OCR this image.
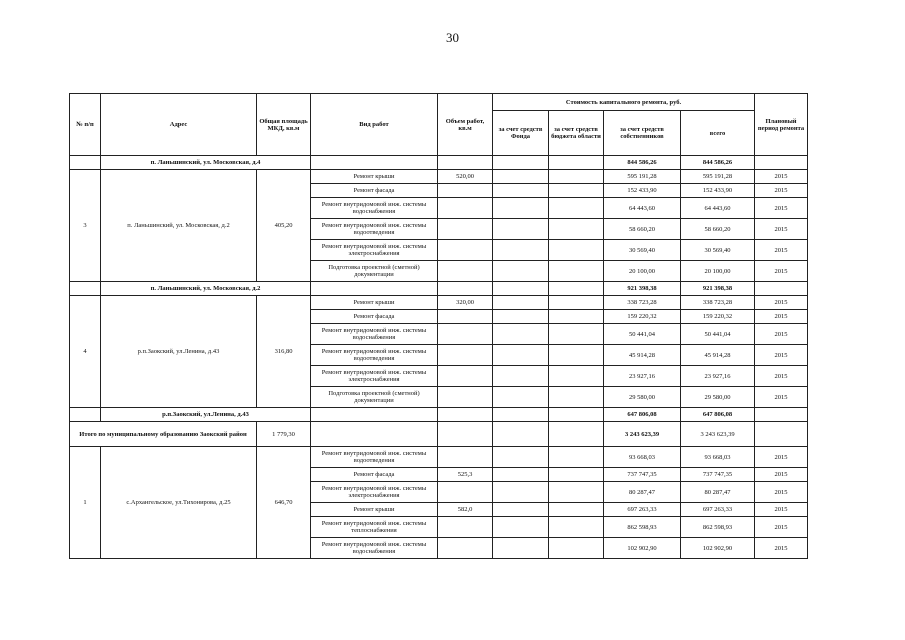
30
№ п/п	Адрес	Общая площадь МКД, кв.м	Вид работ	Объем работ, кв.м	Стоимость капитального ремонта, руб.				Плановый период ремонта
					за счет средств Фонда	за счет средств бюджета области	за счет средств собственников	всего	
	п. Ланьшинский, ул. Московская, д.4						844 586,26	844 586,26	
3	п. Ланьшинский, ул. Московская, д.2	405,20	Ремонт крыши	520,00			595 191,28	595 191,28	2015
			Ремонт фасада				152 433,90	152 433,90	2015
			Ремонт внутридомовой инж. системы водоснабжения				64 443,60	64 443,60	2015
			Ремонт внутридомовой инж. системы водоотведения				58 660,20	58 660,20	2015
			Ремонт внутридомовой инж. системы электроснабжения				30 569,40	30 569,40	2015
			Подготовка проектной (сметной) документации				20 100,00	20 100,00	2015
	п. Ланьшинский, ул. Московская, д.2						921 398,38	921 398,38	
4	р.п.Заокский, ул.Ленина, д.43	316,80	Ремонт крыши	320,00			338 723,28	338 723,28	2015
			Ремонт фасада				159 220,32	159 220,32	2015
			Ремонт внутридомовой инж. системы водоснабжения				50 441,04	50 441,04	2015
			Ремонт внутридомовой инж. системы водоотведения				45 914,28	45 914,28	2015
			Ремонт внутридомовой инж. системы электроснабжения				23 927,16	23 927,16	2015
			Подготовка проектной (сметной) документации				29 580,00	29 580,00	2015
	р.п.Заокский, ул.Ленина, д.43						647 806,08	647 806,08	
Итого по муниципальному образованию Заокский район		1 779,30					3 243 623,39	3 243 623,39	
1	с.Архангельское, ул.Тихонирова, д.25	646,70	Ремонт внутридомовой инж. системы водоотведения				93 668,03	93 668,03	2015
			Ремонт фасада	525,3			737 747,35	737 747,35	2015
			Ремонт внутридомовой инж. системы электроснабжения				80 287,47	80 287,47	2015
			Ремонт крыши	582,0			697 263,33	697 263,33	2015
			Ремонт внутридомовой инж. системы теплоснабжения				862 598,93	862 598,93	2015
			Ремонт внутридомовой инж. системы водоснабжения				102 902,90	102 902,90	2015
